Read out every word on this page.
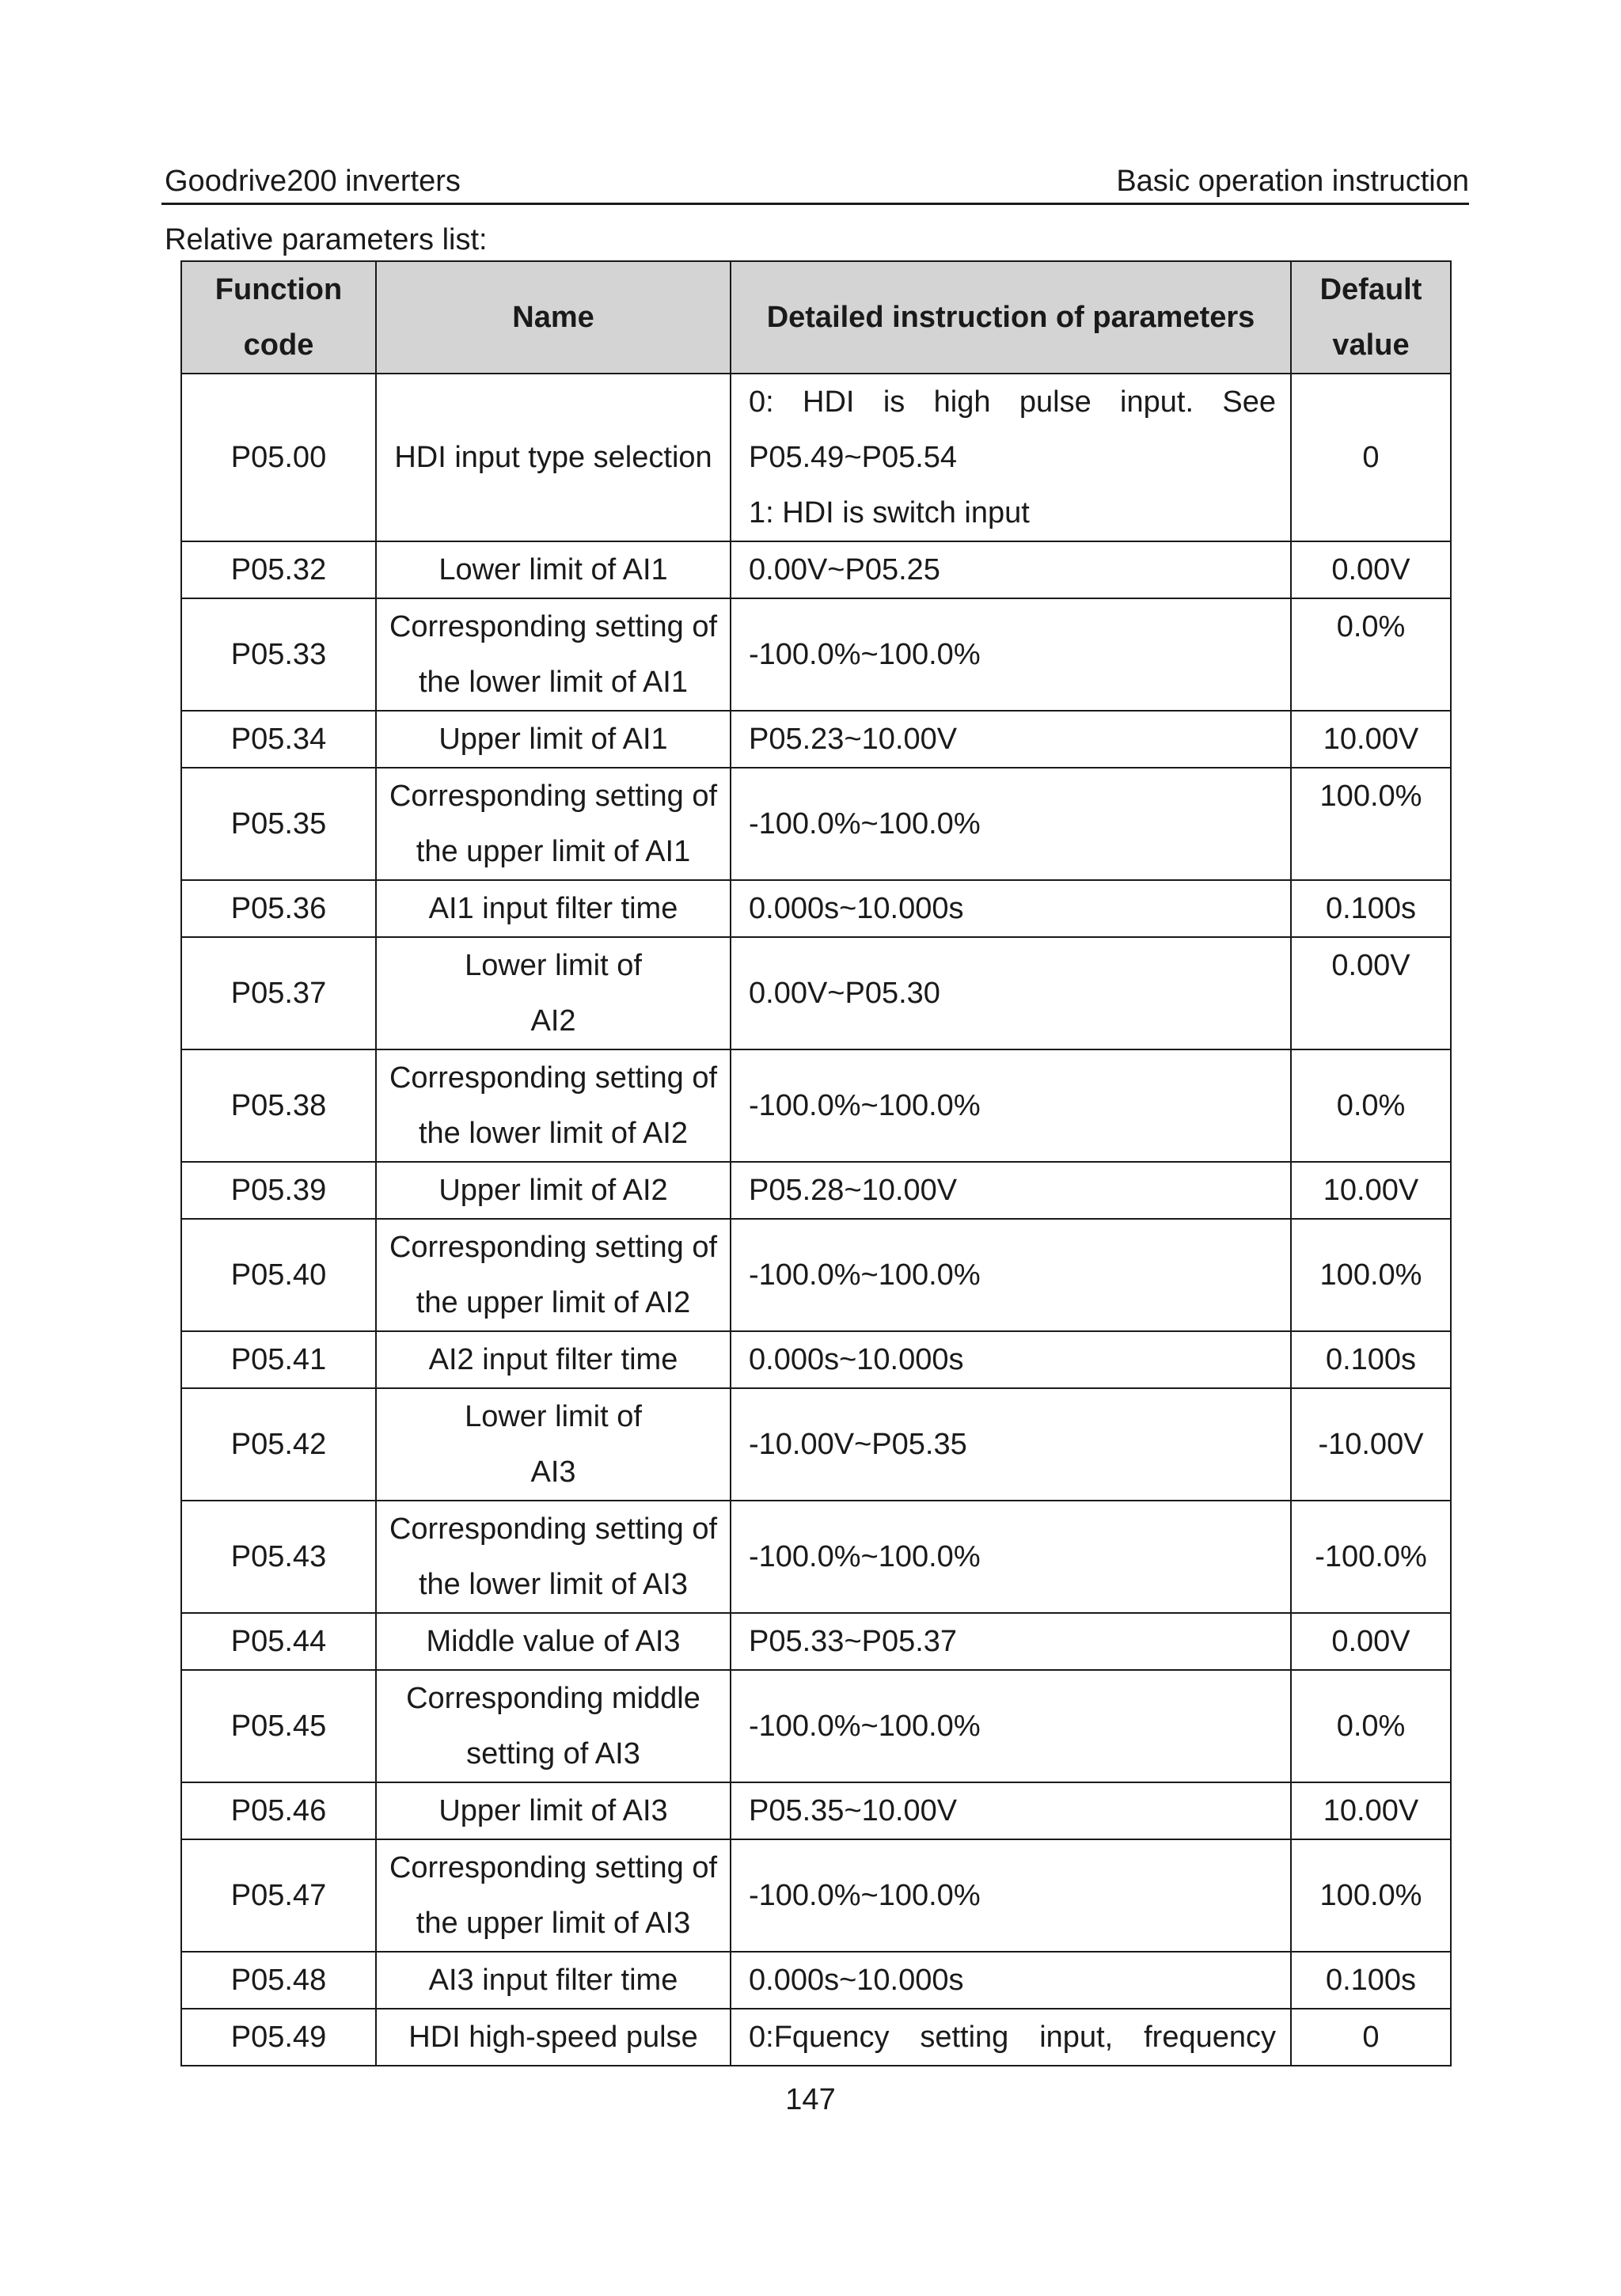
Goodrive200 inverters	Basic operation instruction
Relative parameters list:
Function
code	Name	Detailed instruction of parameters	Default
value
P05.00	HDI input type selection	0: HDI is high pulse input. See
P05.49~P05.54
1: HDI is switch input	0
P05.32	Lower limit of AI1	0.00V~P05.25	0.00V
P05.33	Corresponding setting of
the lower limit of AI1	-100.0%~100.0%	0.0%
P05.34	Upper limit of AI1	P05.23~10.00V	10.00V
P05.35	Corresponding setting of
the upper limit of AI1	-100.0%~100.0%	100.0%
P05.36	AI1 input filter time	0.000s~10.000s	0.100s
P05.37	Lower limit of
AI2	0.00V~P05.30	0.00V
P05.38	Corresponding setting of
the lower limit of AI2	-100.0%~100.0%	0.0%
P05.39	Upper limit of AI2	P05.28~10.00V	10.00V
P05.40	Corresponding setting of
the upper limit of AI2	-100.0%~100.0%	100.0%
P05.41	AI2 input filter time	0.000s~10.000s	0.100s
P05.42	Lower limit of
AI3	-10.00V~P05.35	-10.00V
P05.43	Corresponding setting of
the lower limit of AI3	-100.0%~100.0%	-100.0%
P05.44	Middle value of AI3	P05.33~P05.37	0.00V
P05.45	Corresponding middle
setting of AI3	-100.0%~100.0%	0.0%
P05.46	Upper limit of AI3	P05.35~10.00V	10.00V
P05.47	Corresponding setting of
the upper limit of AI3	-100.0%~100.0%	100.0%
P05.48	AI3 input filter time	0.000s~10.000s	0.100s
P05.49	HDI high-speed pulse	0:Fquency setting input, frequency	0
147
